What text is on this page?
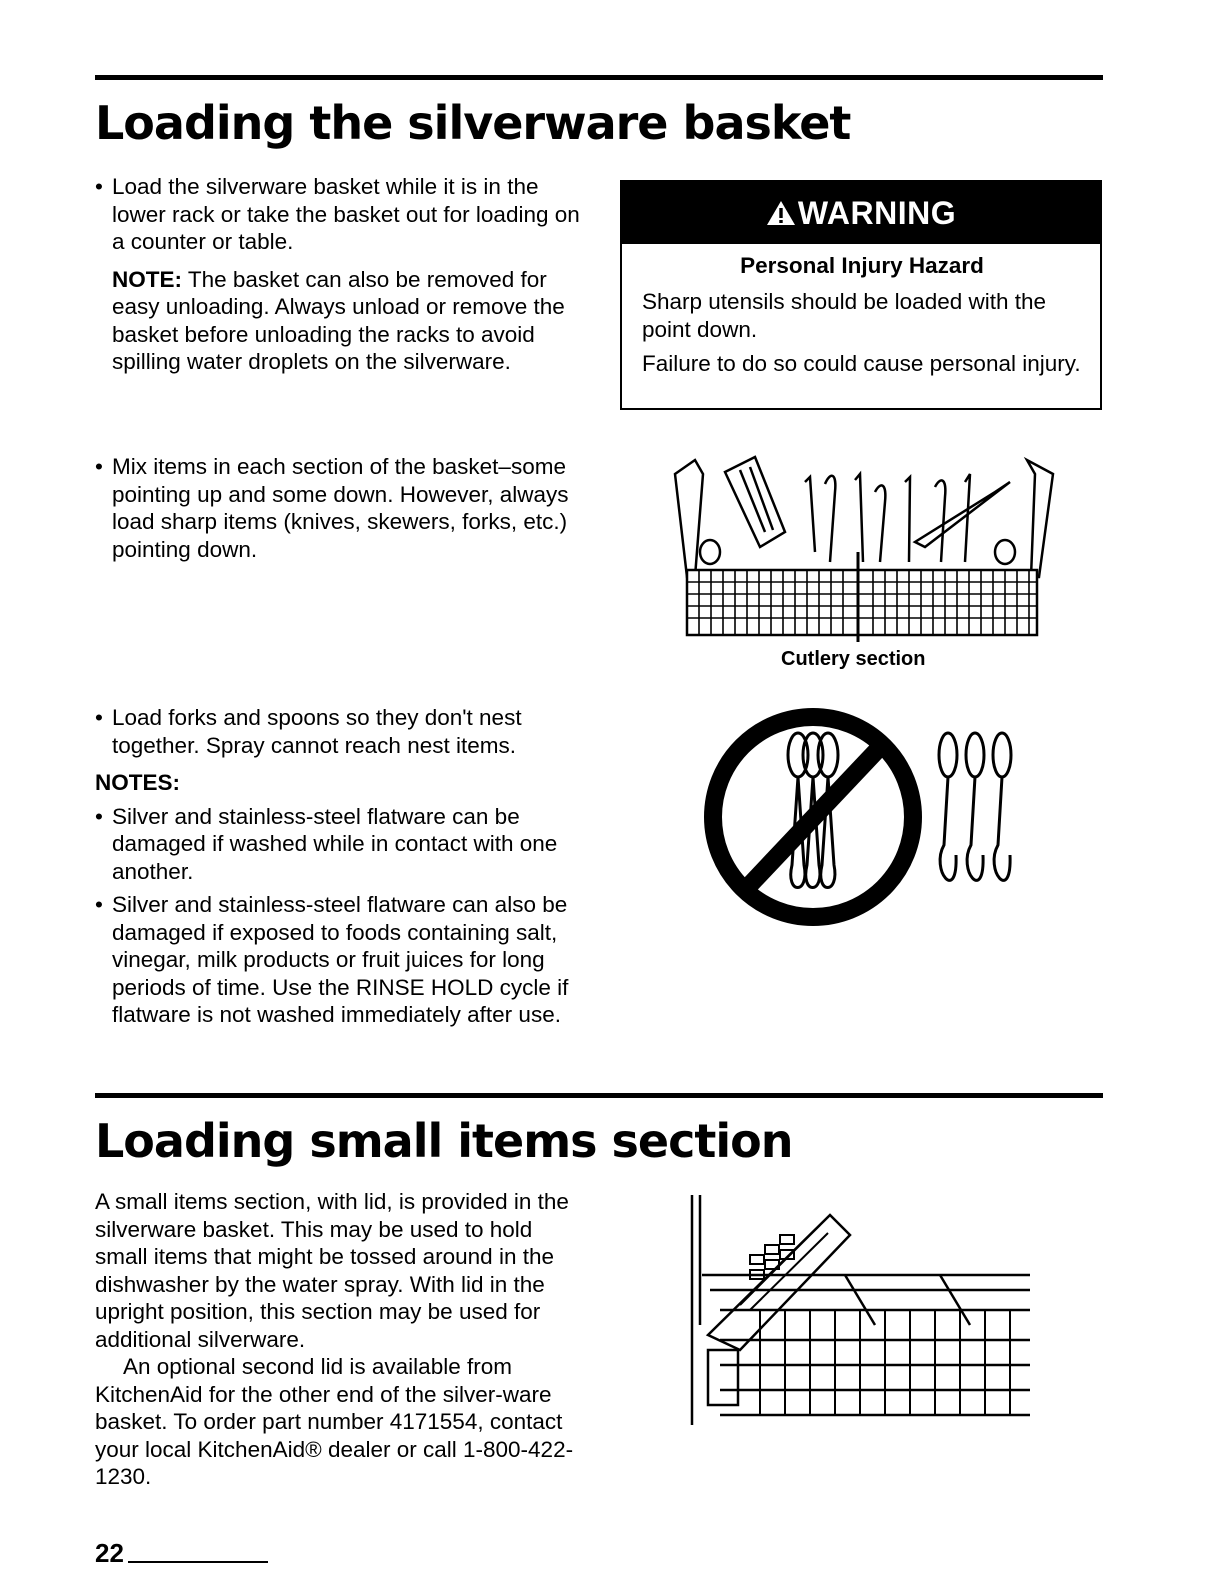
Loading the silverware basket
• Load the silverware basket while it is in the lower rack or take the basket out for loading on a counter or table.
NOTE: The basket can also be removed for easy unloading. Always unload or remove the basket before unloading the racks to avoid spilling water droplets on the silverware.
• Mix items in each section of the basket–some pointing up and some down. However, always load sharp items (knives, skewers, forks, etc.) pointing down.
• Load forks and spoons so they don't nest together. Spray cannot reach nest items.
NOTES:
• Silver and stainless-steel flatware can be damaged if washed while in contact with one another.
• Silver and stainless-steel flatware can also be damaged if exposed to foods containing salt, vinegar, milk products or fruit juices for long periods of time. Use the RINSE HOLD cycle if flatware is not washed immediately after use.
WARNING
Personal Injury Hazard

Sharp utensils should be loaded with the point down.

Failure to do so could cause personal injury.

Cutlery section
Loading small items section

A small items section, with lid, is provided in the silverware basket. This may be used to hold small items that might be tossed around in the dishwasher by the water spray. With lid in the upright position, this section may be used for additional silverware.

An optional second lid is available from KitchenAid for the other end of the silver-ware basket. To order part number 4171554, contact your local KitchenAid® dealer or call 1-800-422-1230.

22
